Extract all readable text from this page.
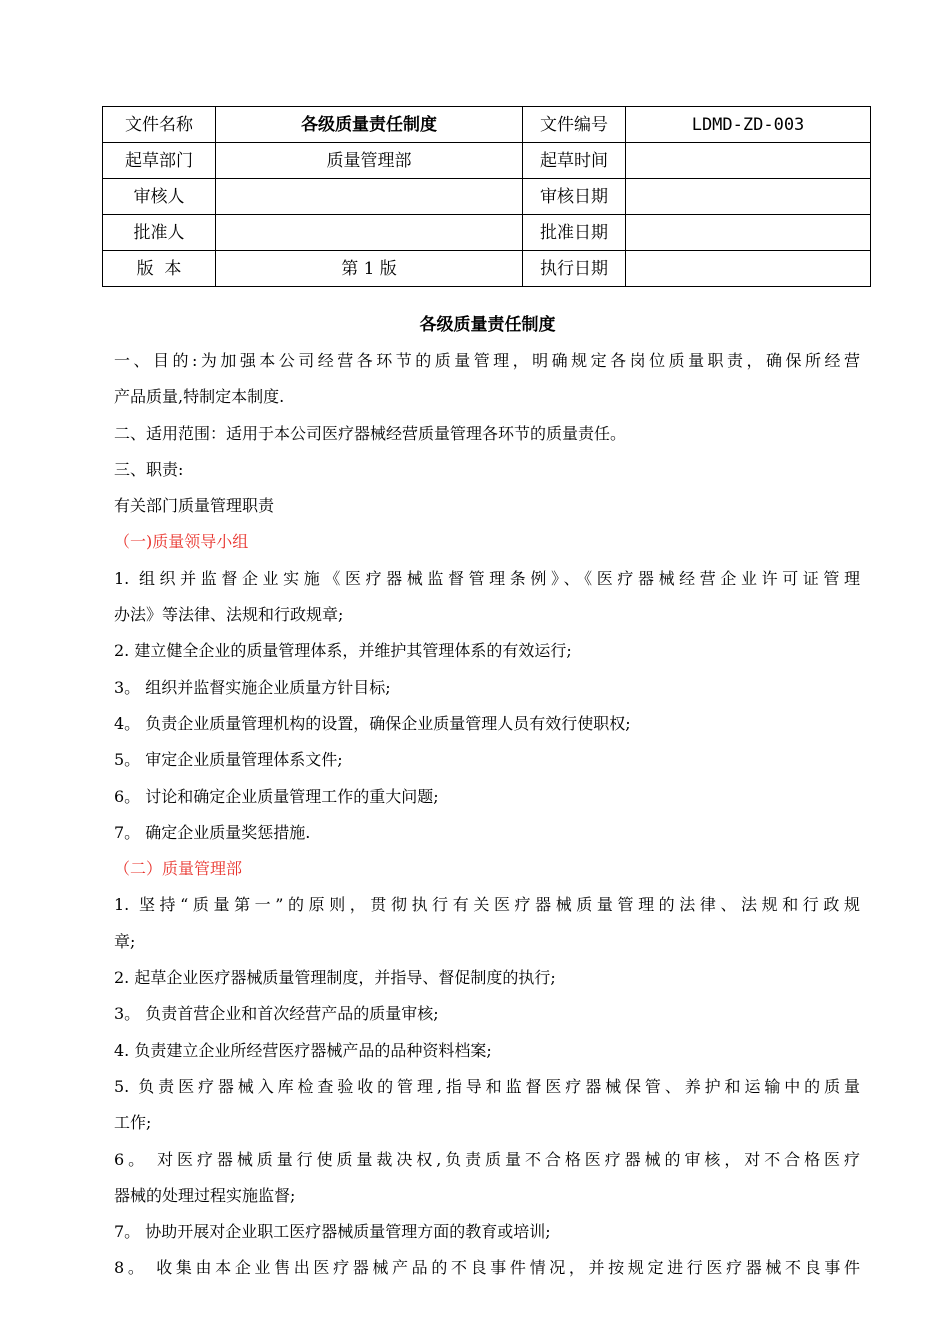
文件名称	各级质量责任制度	文件编号	LDMD-ZD-003
起草部门	质量管理部	起草时间	
审核人		审核日期	
批准人		批准日期	
版  本	第 1 版	执行日期	
各级质量责任制度
一、目的:为加强本公司经营各环节的质量管理，明确规定各岗位质量职责，确保所经营
产品质量,特制定本制度.
二、适用范围：适用于本公司医疗器械经营质量管理各环节的质量责任。
三、职责:
有关部门质量管理职责
（一)质量领导小组
1. 组织并监督企业实施《医疗器械监督管理条例》、《医疗器械经营企业许可证管理
办法》等法律、法规和行政规章;
2. 建立健全企业的质量管理体系，并维护其管理体系的有效运行;
3。 组织并监督实施企业质量方针目标;
4。 负责企业质量管理机构的设置，确保企业质量管理人员有效行使职权;
5。 审定企业质量管理体系文件;
6。 讨论和确定企业质量管理工作的重大问题;
7。 确定企业质量奖惩措施.
（二）质量管理部
1. 坚持“质量第一”的原则，贯彻执行有关医疗器械质量管理的法律、法规和行政规
章;
2. 起草企业医疗器械质量管理制度，并指导、督促制度的执行;
3。 负责首营企业和首次经营产品的质量审核;
4. 负责建立企业所经营医疗器械产品的品种资料档案;
5. 负责医疗器械入库检查验收的管理,指导和监督医疗器械保管、养护和运输中的质量
工作;
6。 对医疗器械质量行使质量裁决权,负责质量不合格医疗器械的审核，对不合格医疗
器械的处理过程实施监督;
7。 协助开展对企业职工医疗器械质量管理方面的教育或培训;
8。 收集由本企业售出医疗器械产品的不良事件情况，并按规定进行医疗器械不良事件
